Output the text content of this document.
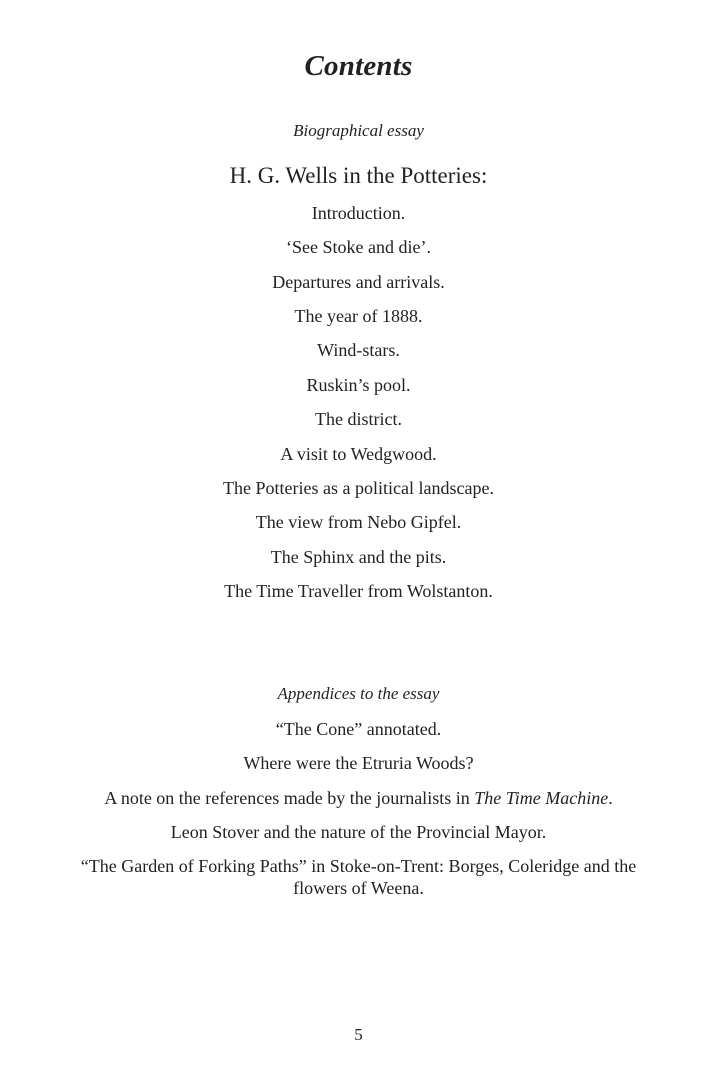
Contents
Biographical essay
H. G. Wells in the Potteries:
Introduction.
‘See Stoke and die’.
Departures and arrivals.
The year of 1888.
Wind-stars.
Ruskin’s pool.
The district.
A visit to Wedgwood.
The Potteries as a political landscape.
The view from Nebo Gipfel.
The Sphinx and the pits.
The Time Traveller from Wolstanton.
Appendices to the essay
“The Cone” annotated.
Where were the Etruria Woods?
A note on the references made by the journalists in The Time Machine.
Leon Stover and the nature of the Provincial Mayor.
“The Garden of Forking Paths” in Stoke-on-Trent: Borges, Coleridge and the flowers of Weena.
5
